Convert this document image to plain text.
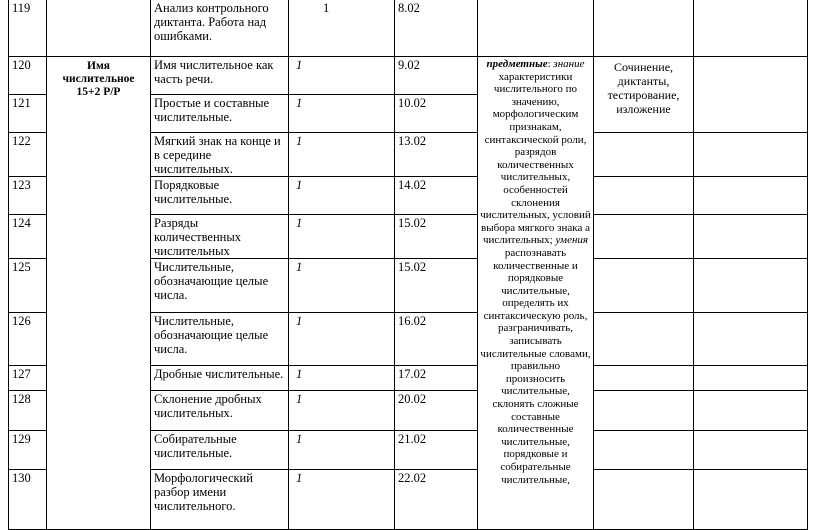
119		Анализ контрольного диктанта. Работа над ошибками.	1	8.02			
120	Имя числительное 15+2 Р/Р	Имя числительное как часть речи.	1	9.02	предметные: знание характеристики числительного по значению, морфологическим признакам, синтаксической роли, разрядов количественных числительных, особенностей склонения числительных, условий выбора мягкого знака а числительных; умения распознавать количественные и порядковые числительные, определять их синтаксическую роль, разграничивать, записывать числительные словами, правильно произносить числительные, склонять сложные составные количественные числительные, порядковые и собирательные числительные,	Сочинение, диктанты, тестирование, изложение	
121		Простые и составные числительные.	1	10.02			
122		Мягкий знак на конце и в середине числительных.	1	13.02			
123		Порядковые числительные.	1	14.02			
124		Разряды количественных числительных	1	15.02			
125		Числительные, обозначающие целые числа.	1	15.02			
126		Числительные, обозначающие целые числа.	1	16.02			
127		Дробные числительные.	1	17.02			
128		Склонение дробных числительных.	1	20.02			
129		Собирательные числительные.	1	21.02			
130		Морфологический разбор имени числительного.	1	22.02			
